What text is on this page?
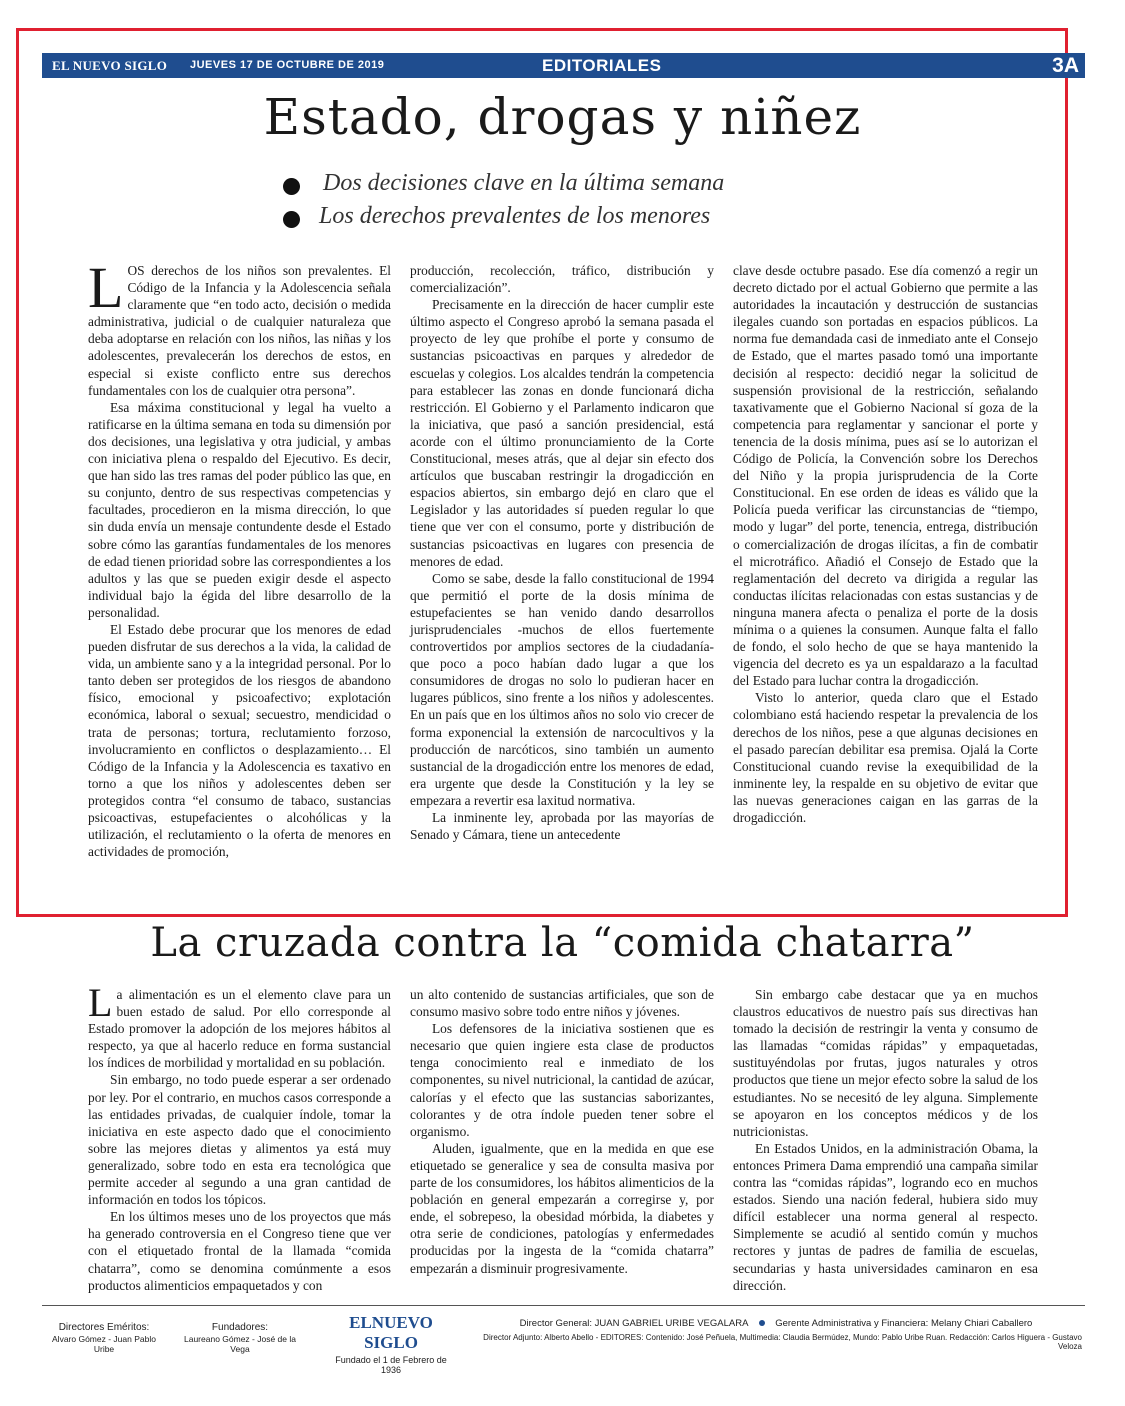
EL NUEVO SIGLO JUEVES 17 DE OCTUBRE DE 2019	EDITORIALES	3A
Estado, drogas y niñez
Dos decisiones clave en la última semana
Los derechos prevalentes de los menores

LOS derechos de los niños son prevalentes. El Código de la Infancia y la Adolescencia señala claramente que “en todo acto, decisión o medida administrativa, judicial o de cualquier naturaleza que deba adoptarse en relación con los niños, las niñas y los adolescentes, prevalecerán los derechos de estos, en especial si existe conflicto entre sus derechos fundamentales con los de cualquier otra persona”.

Esa máxima constitucional y legal ha vuelto a ratificarse en la última semana en toda su dimensión por dos decisiones, una legislativa y otra judicial, y ambas con iniciativa plena o respaldo del Ejecutivo. Es decir, que han sido las tres ramas del poder público las que, en su conjunto, dentro de sus respectivas competencias y facultades, procedieron en la misma dirección, lo que sin duda envía un mensaje contundente desde el Estado sobre cómo las garantías fundamentales de los menores de edad tienen prioridad sobre las correspondientes a los adultos y las que se pueden exigir desde el aspecto individual bajo la égida del libre desarrollo de la personalidad.

El Estado debe procurar que los menores de edad pueden disfrutar de sus derechos a la vida, la calidad de vida, un ambiente sano y a la integridad personal. Por lo tanto deben ser protegidos de los riesgos de abandono físico, emocional y psicoafectivo; explotación económica, laboral o sexual; secuestro, mendicidad o trata de personas; tortura, reclutamiento forzoso, involucramiento en conflictos o desplazamiento… El Código de la Infancia y la Adolescencia es taxativo en torno a que los niños y adolescentes deben ser protegidos contra “el consumo de tabaco, sustancias psicoactivas, estupefacientes o alcohólicas y la utilización, el reclutamiento o la oferta de menores en actividades de promoción,

producción, recolección, tráfico, distribución y comercialización”.

Precisamente en la dirección de hacer cumplir este último aspecto el Congreso aprobó la semana pasada el proyecto de ley que prohíbe el porte y consumo de sustancias psicoactivas en parques y alrededor de escuelas y colegios. Los alcaldes tendrán la competencia para establecer las zonas en donde funcionará dicha restricción. El Gobierno y el Parlamento indicaron que la iniciativa, que pasó a sanción presidencial, está acorde con el último pronunciamiento de la Corte Constitucional, meses atrás, que al dejar sin efecto dos artículos que buscaban restringir la drogadicción en espacios abiertos, sin embargo dejó en claro que el Legislador y las autoridades sí pueden regular lo que tiene que ver con el consumo, porte y distribución de sustancias psicoactivas en lugares con presencia de menores de edad.

Como se sabe, desde la fallo constitucional de 1994 que permitió el porte de la dosis mínima de estupefacientes se han venido dando desarrollos jurisprudenciales -muchos de ellos fuertemente controvertidos por amplios sectores de la ciudadanía- que poco a poco habían dado lugar a que los consumidores de drogas no solo lo pudieran hacer en lugares públicos, sino frente a los niños y adolescentes. En un país que en los últimos años no solo vio crecer de forma exponencial la extensión de narcocultivos y la producción de narcóticos, sino también un aumento sustancial de la drogadicción entre los menores de edad, era urgente que desde la Constitución y la ley se empezara a revertir esa laxitud normativa.

La inminente ley, aprobada por las mayorías de Senado y Cámara, tiene un antecedente

clave desde octubre pasado. Ese día comenzó a regir un decreto dictado por el actual Gobierno que permite a las autoridades la incautación y destrucción de sustancias ilegales cuando son portadas en espacios públicos. La norma fue demandada casi de inmediato ante el Consejo de Estado, que el martes pasado tomó una importante decisión al respecto: decidió negar la solicitud de suspensión provisional de la restricción, señalando taxativamente que el Gobierno Nacional sí goza de la competencia para reglamentar y sancionar el porte y tenencia de la dosis mínima, pues así se lo autorizan el Código de Policía, la Convención sobre los Derechos del Niño y la propia jurisprudencia de la Corte Constitucional. En ese orden de ideas es válido que la Policía pueda verificar las circunstancias de “tiempo, modo y lugar” del porte, tenencia, entrega, distribución o comercialización de drogas ilícitas, a fin de combatir el microtráfico. Añadió el Consejo de Estado que la reglamentación del decreto va dirigida a regular las conductas ilícitas relacionadas con estas sustancias y de ninguna manera afecta o penaliza el porte de la dosis mínima o a quienes la consumen. Aunque falta el fallo de fondo, el solo hecho de que se haya mantenido la vigencia del decreto es ya un espaldarazo a la facultad del Estado para luchar contra la drogadicción.

Visto lo anterior, queda claro que el Estado colombiano está haciendo respetar la prevalencia de los derechos de los niños, pese a que algunas decisiones en el pasado parecían debilitar esa premisa. Ojalá la Corte Constitucional cuando revise la exequibilidad de la inminente ley, la respalde en su objetivo de evitar que las nuevas generaciones caigan en las garras de la drogadicción.

La cruzada contra la “comida chatarra”

La alimentación es un el elemento clave para un buen estado de salud. Por ello corresponde al Estado promover la adopción de los mejores hábitos al respecto, ya que al hacerlo reduce en forma sustancial los índices de morbilidad y mortalidad en su población.

Sin embargo, no todo puede esperar a ser ordenado por ley. Por el contrario, en muchos casos corresponde a las entidades privadas, de cualquier índole, tomar la iniciativa en este aspecto dado que el conocimiento sobre las mejores dietas y alimentos ya está muy generalizado, sobre todo en esta era tecnológica que permite acceder al segundo a una gran cantidad de información en todos los tópicos.

En los últimos meses uno de los proyectos que más ha generado controversia en el Congreso tiene que ver con el etiquetado frontal de la llamada “comida chatarra”, como se denomina comúnmente a esos productos alimenticios empaquetados y con

un alto contenido de sustancias artificiales, que son de consumo masivo sobre todo entre niños y jóvenes.

Los defensores de la iniciativa sostienen que es necesario que quien ingiere esta clase de productos tenga conocimiento real e inmediato de los componentes, su nivel nutricional, la cantidad de azúcar, calorías y el efecto que las sustancias saborizantes, colorantes y de otra índole pueden tener sobre el organismo.

Aluden, igualmente, que en la medida en que ese etiquetado se generalice y sea de consulta masiva por parte de los consumidores, los hábitos alimenticios de la población en general empezarán a corregirse y, por ende, el sobrepeso, la obesidad mórbida, la diabetes y otra serie de condiciones, patologías y enfermedades producidas por la ingesta de la “comida chatarra” empezarán a disminuir progresivamente.

Sin embargo cabe destacar que ya en muchos claustros educativos de nuestro país sus directivas han tomado la decisión de restringir la venta y consumo de las llamadas “comidas rápidas” y empaquetadas, sustituyéndolas por frutas, jugos naturales y otros productos que tiene un mejor efecto sobre la salud de los estudiantes. No se necesitó de ley alguna. Simplemente se apoyaron en los conceptos médicos y de los nutricionistas.

En Estados Unidos, en la administración Obama, la entonces Primera Dama emprendió una campaña similar contra las “comidas rápidas”, logrando eco en muchos estados. Siendo una nación federal, hubiera sido muy difícil establecer una norma general al respecto. Simplemente se acudió al sentido común y muchos rectores y juntas de padres de familia de escuelas, secundarias y hasta universidades caminaron en esa dirección.

Directores Eméritos:
Alvaro Gómez - Juan Pablo Uribe
Fundadores:
Laureano Gómez - José de la Vega
ELNUEVO SIGLO
Fundado el 1 de Febrero de 1936
Director General: JUAN GABRIEL URIBE VEGALARA	Gerente Administrativa y Financiera: Melany Chiari Caballero
Director Adjunto: Alberto Abello - EDITORES: Contenido: José Peñuela, Multimedia: Claudia Bermúdez, Mundo: Pablo Uribe Ruan. Redacción: Carlos Higuera - Gustavo Veloza
